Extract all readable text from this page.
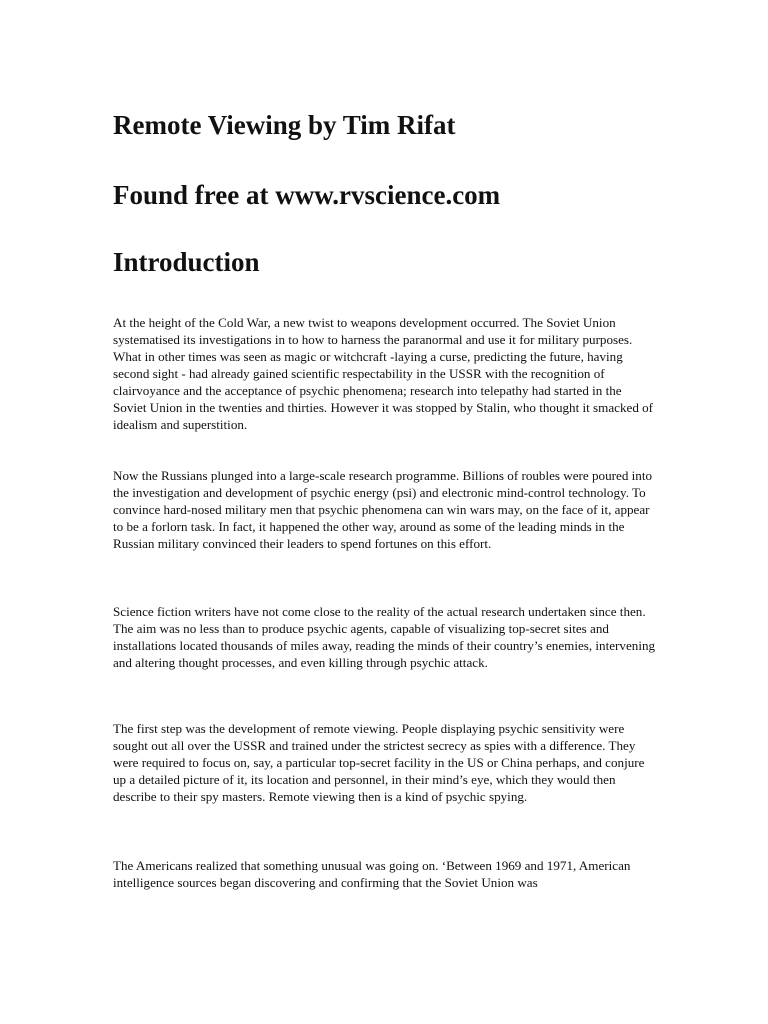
Remote Viewing by Tim Rifat
Found free at www.rvscience.com
Introduction

At the height of the Cold War, a new twist to weapons development occurred. The Soviet Union systematised its investigations in to how to harness the paranormal and use it for military purposes. What in other times was seen as magic or witchcraft -laying a curse, predicting the future, having second sight - had already gained scientific respectability in the USSR with the recognition of clairvoyance and the acceptance of psychic phenomena; research into telepathy had started in the Soviet Union in the twenties and thirties. However it was stopped by Stalin, who thought it smacked of idealism and superstition.

Now the Russians plunged into a large-scale research programme. Billions of roubles were poured into the investigation and development of psychic energy (psi) and electronic mind-control technology. To convince hard-nosed military men that psychic phenomena can win wars may, on the face of it, appear to be a forlorn task. In fact, it happened the other way, around as some of the leading minds in the Russian military convinced their leaders to spend fortunes on this effort.

Science fiction writers have not come close to the reality of the actual research undertaken since then. The aim was no less than to produce psychic agents, capable of visualizing top-secret sites and installations located thousands of miles away, reading the minds of their country’s enemies, intervening and altering thought processes, and even killing through psychic attack.

The first step was the development of remote viewing. People displaying psychic sensitivity were sought out all over the USSR and trained under the strictest secrecy as spies with a difference. They were required to focus on, say, a particular top-secret facility in the US or China perhaps, and conjure up a detailed picture of it, its location and personnel, in their mind’s eye, which they would then describe to their spy masters. Remote viewing then is a kind of psychic spying.

The Americans realized that something unusual was going on. ‘Between 1969 and 1971, American intelligence sources began discovering and confirming that the Soviet Union was
